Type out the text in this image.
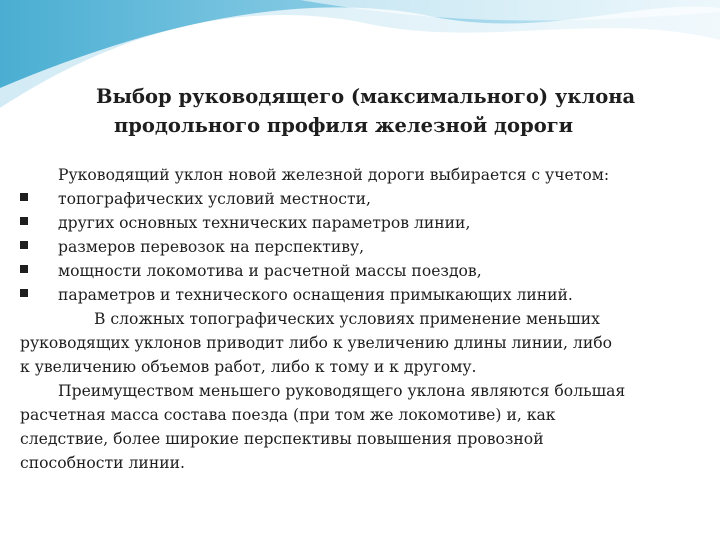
Выбор руководящего (максимального) уклона
продольного профиля железной дороги
Руководящий уклон новой железной дороги выбирается с учетом:
топографических условий местности,
других основных технических параметров линии,
размеров перевозок на перспективу,
мощности локомотива и расчетной массы поездов,
параметров и технического оснащения примыкающих линий.
В сложных топографических условиях применение меньших
руководящих уклонов приводит либо к увеличению длины линии, либо
к увеличению объемов работ, либо к тому и к другому.
Преимуществом меньшего руководящего уклона являются большая
расчетная масса состава поезда (при том же локомотиве) и, как
следствие, более широкие перспективы повышения провозной
способности линии.
